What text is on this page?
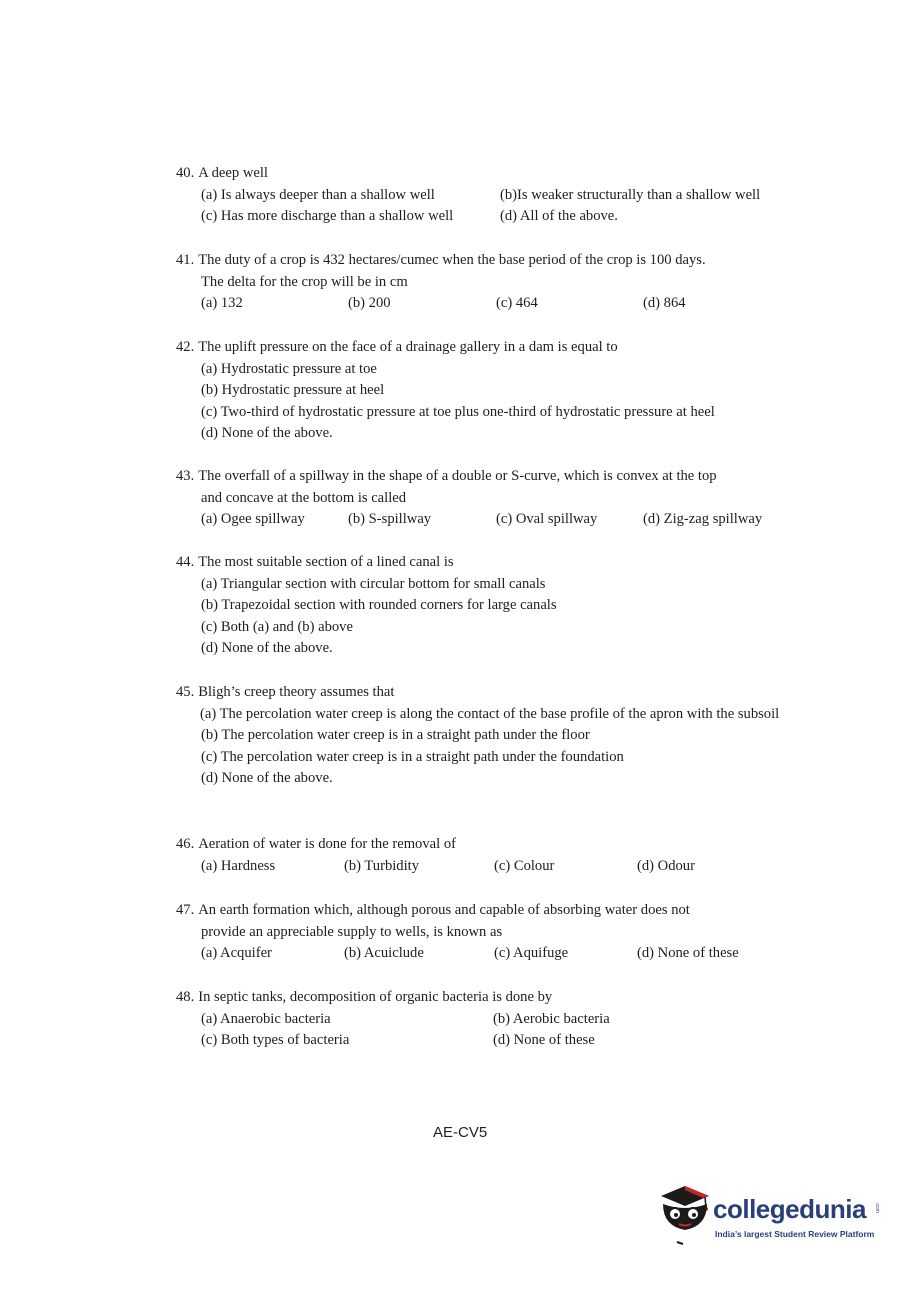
40. A deep well
(a) Is always deeper than a shallow well	(b)Is weaker structurally than a shallow well
(c) Has more discharge than a shallow well	(d) All of the above.
41. The duty of a crop is 432 hectares/cumec when the base period of the crop is 100 days.
The delta for the crop will be in cm
(a) 132	(b) 200	(c) 464	(d) 864
42. The uplift pressure on the face of a drainage gallery in a dam is equal to
(a) Hydrostatic pressure at toe
(b) Hydrostatic pressure at heel
(c) Two-third of hydrostatic pressure at toe plus one-third of hydrostatic pressure at heel
(d) None of the above.
43. The overfall of a spillway in the shape of a double or S-curve, which is convex at the top
and concave at the bottom is called
(a) Ogee spillway	(b) S-spillway	(c) Oval spillway	(d) Zig-zag spillway
44. The most suitable section of a lined canal is
(a) Triangular section with circular bottom for small canals
(b) Trapezoidal section with rounded corners for large canals
(c) Both (a) and (b) above
(d) None of the above.
45. Bligh’s creep theory assumes that
(a) The percolation water creep is along the contact of the base profile of the apron with the subsoil
(b) The percolation water creep is in a straight path under the floor
(c) The percolation water creep is in a straight path under the foundation
(d) None of the above.
46. Aeration of water is done for the removal of
(a) Hardness	(b) Turbidity	(c) Colour	(d) Odour
47. An earth formation which, although porous and capable of absorbing water does not
provide an appreciable supply to wells, is known as
(a) Acquifer	(b) Acuiclude	(c) Aquifuge	(d) None of these
48. In septic tanks, decomposition of organic bacteria is done by
(a) Anaerobic bacteria	(b) Aerobic bacteria
(c) Both types of bacteria	(d) None of these
AE-CV5
collegedunia .com
India’s largest Student Review Platform
